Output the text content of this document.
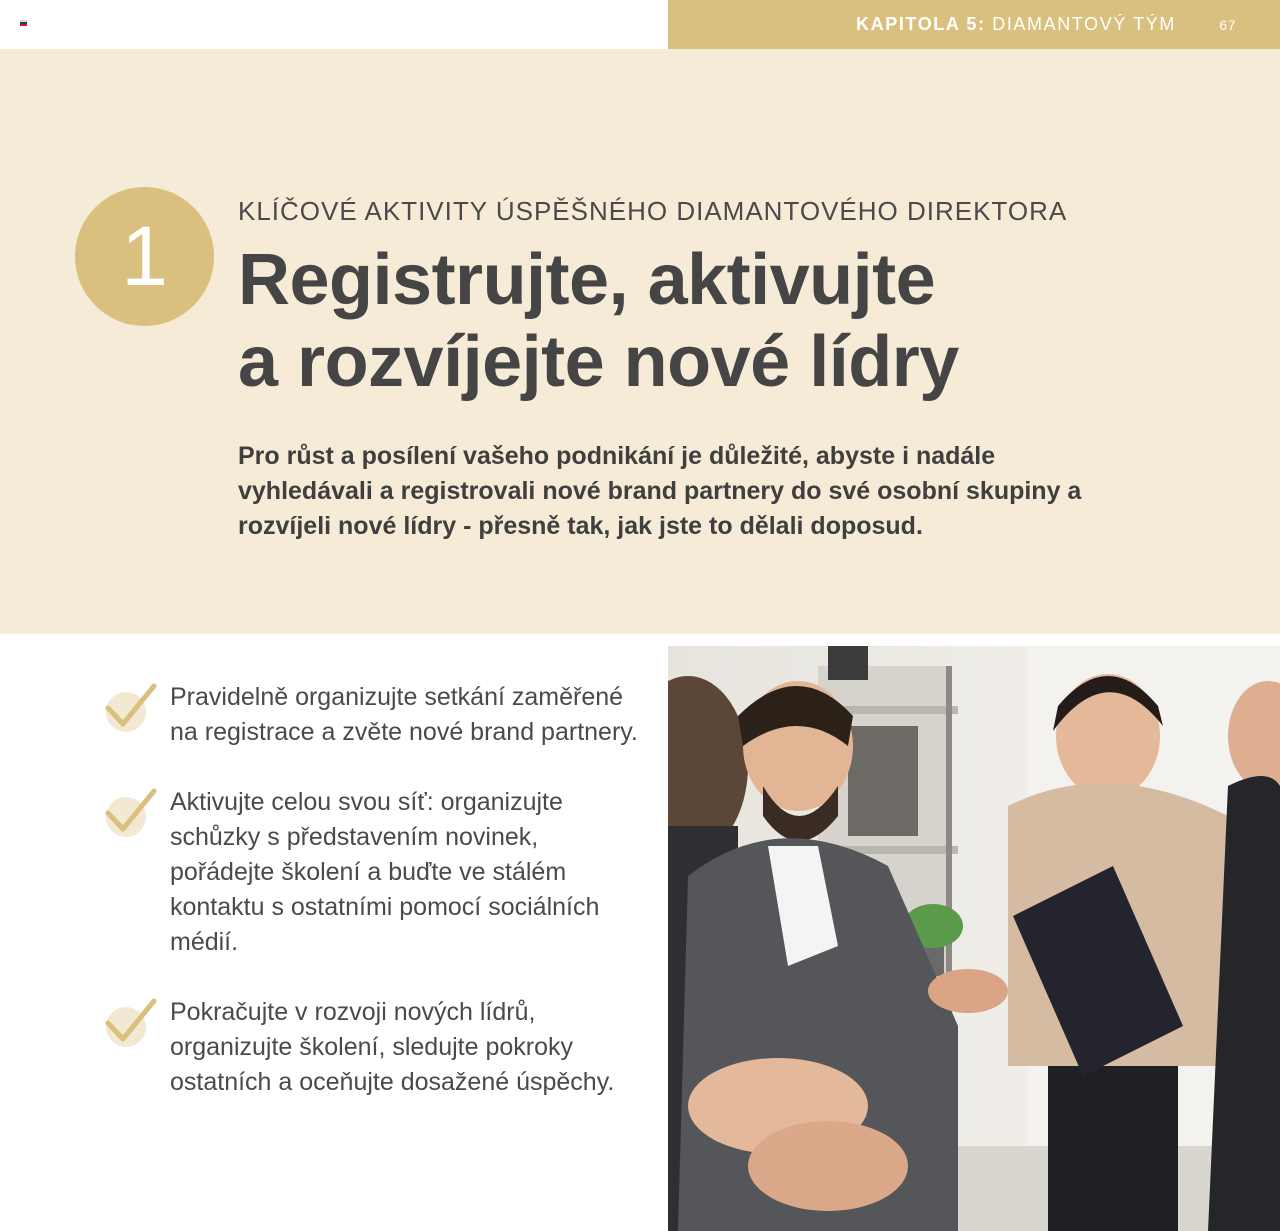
KAPITOLA 5: DIAMANTOVÝ TÝM	67
1	KLÍČOVÉ AKTIVITY ÚSPĚŠNÉHO DIAMANTOVÉHO DIREKTORA
Registrujte, aktivujte
a rozvíjejte nové lídry

Pro růst a posílení vašeho podnikání je důležité, abyste i nadále vyhledávali a registrovali nové brand partnery do své osobní skupiny a rozvíjeli nové lídry - přesně tak, jak jste to dělali doposud.

Pravidelně organizujte setkání zaměřené na registrace a zvěte nové brand partnery.
Aktivujte celou svou síť: organizujte schůzky s představením novinek, pořádejte školení a buďte ve stálém kontaktu s ostatními pomocí sociálních médií.
Pokračujte v rozvoji nových lídrů, organizujte školení, sledujte pokroky ostatních a oceňujte dosažené úspěchy.
